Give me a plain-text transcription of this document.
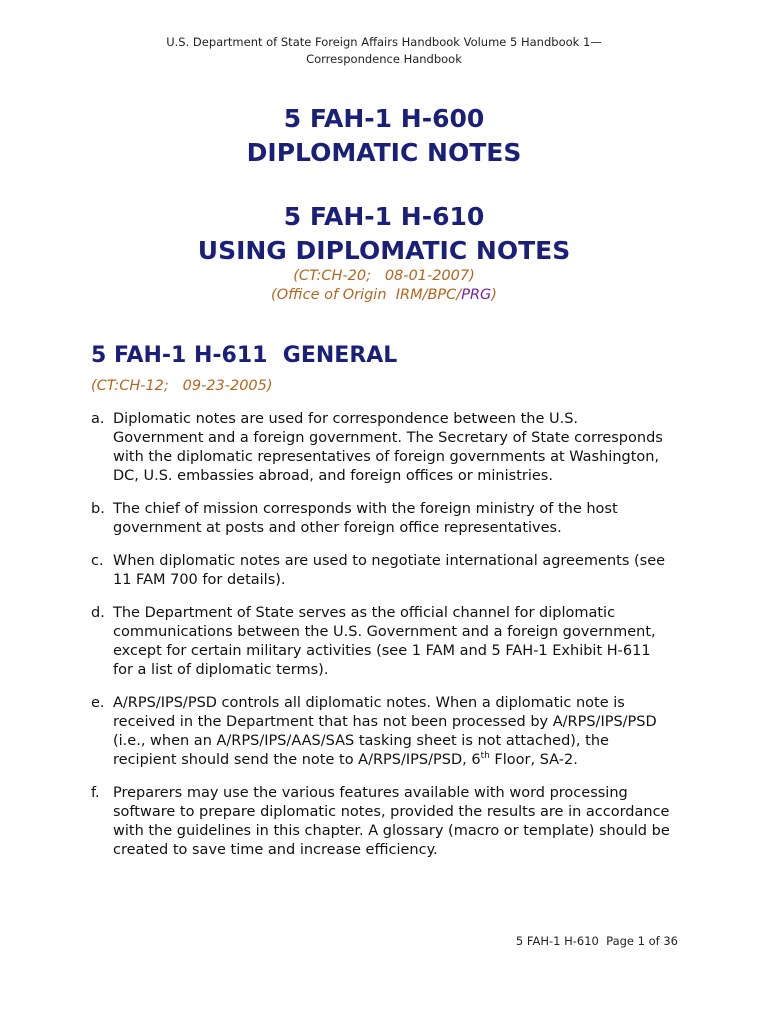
U.S. Department of State Foreign Affairs Handbook Volume 5 Handbook 1—
Correspondence Handbook
5 FAH-1 H-600
DIPLOMATIC NOTES
5 FAH-1 H-610
USING DIPLOMATIC NOTES
(CT:CH-20;   08-01-2007)
(Office of Origin  IRM/BPC/PRG)
5 FAH-1 H-611  GENERAL
(CT:CH-12;   09-23-2005)
a. Diplomatic notes are used for correspondence between the U.S. Government and a foreign government. The Secretary of State corresponds with the diplomatic representatives of foreign governments at Washington, DC, U.S. embassies abroad, and foreign offices or ministries.
b. The chief of mission corresponds with the foreign ministry of the host government at posts and other foreign office representatives.
c. When diplomatic notes are used to negotiate international agreements (see 11 FAM 700 for details).
d. The Department of State serves as the official channel for diplomatic communications between the U.S. Government and a foreign government, except for certain military activities (see 1 FAM and 5 FAH-1 Exhibit H-611 for a list of diplomatic terms).
e. A/RPS/IPS/PSD controls all diplomatic notes. When a diplomatic note is received in the Department that has not been processed by A/RPS/IPS/PSD (i.e., when an A/RPS/IPS/AAS/SAS tasking sheet is not attached), the recipient should send the note to A/RPS/IPS/PSD, 6th Floor, SA-2.
f. Preparers may use the various features available with word processing software to prepare diplomatic notes, provided the results are in accordance with the guidelines in this chapter. A glossary (macro or template) should be created to save time and increase efficiency.
5 FAH-1 H-610  Page 1 of 36
